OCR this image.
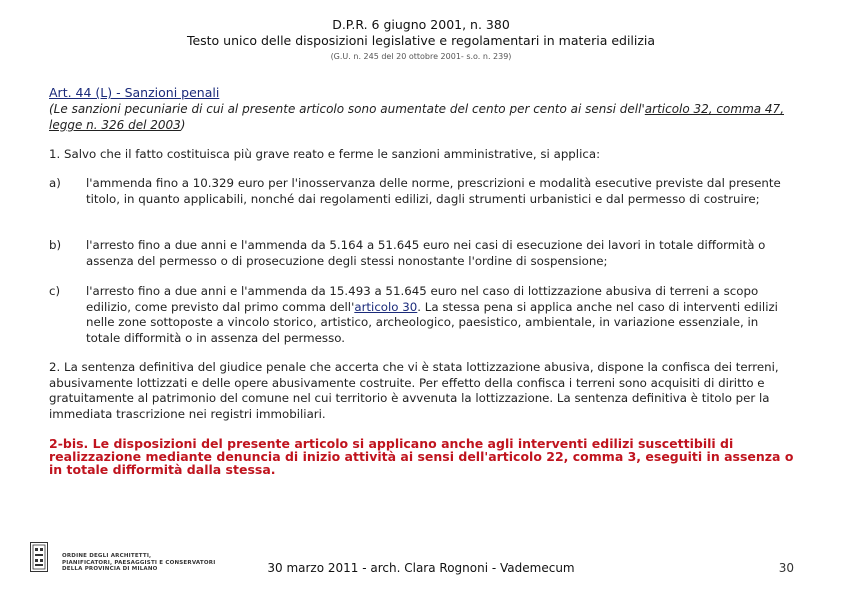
D.P.R. 6 giugno 2001, n. 380
Testo unico delle disposizioni legislative e regolamentari in materia edilizia
(G.U. n. 245 del 20 ottobre 2001- s.o. n. 239)
Art. 44 (L) - Sanzioni penali
(Le sanzioni pecuniarie di cui al presente articolo sono aumentate del cento per cento ai sensi dell'articolo 32, comma 47, legge n. 326 del 2003)

1. Salvo che il fatto costituisca più grave reato e ferme le sanzioni amministrative, si applica:

a) l'ammenda fino a 10.329 euro per l'inosservanza delle norme, prescrizioni e modalità esecutive previste dal presente titolo, in quanto applicabili, nonché dai regolamenti edilizi, dagli strumenti urbanistici e dal permesso di costruire;
b) l'arresto fino a due anni e l'ammenda da 5.164 a 51.645 euro nei casi di esecuzione dei lavori in totale difformità o assenza del permesso o di prosecuzione degli stessi nonostante l'ordine di sospensione;
c) l'arresto fino a due anni e l'ammenda da 15.493 a 51.645 euro nel caso di lottizzazione abusiva di terreni a scopo edilizio, come previsto dal primo comma dell'articolo 30. La stessa pena si applica anche nel caso di interventi edilizi nelle zone sottoposte a vincolo storico, artistico, archeologico, paesistico, ambientale, in variazione essenziale, in totale difformità o in assenza del permesso.

2. La sentenza definitiva del giudice penale che accerta che vi è stata lottizzazione abusiva, dispone la confisca dei terreni, abusivamente lottizzati e delle opere abusivamente costruite. Per effetto della confisca i terreni sono acquisiti di diritto e gratuitamente al patrimonio del comune nel cui territorio è avvenuta la lottizzazione. La sentenza definitiva è titolo per la immediata trascrizione nei registri immobiliari.

2-bis. Le disposizioni del presente articolo si applicano anche agli interventi edilizi suscettibili di realizzazione mediante denuncia di inizio attività ai sensi dell'articolo 22, comma 3, eseguiti in assenza o in totale difformità dalla stessa.

ORDINE DEGLI ARCHITETTI,
PIANIFICATORI, PAESAGGISTI E CONSERVATORI
DELLA PROVINCIA DI MILANO	30 marzo 2011 - arch. Clara Rognoni - Vademecum	30
